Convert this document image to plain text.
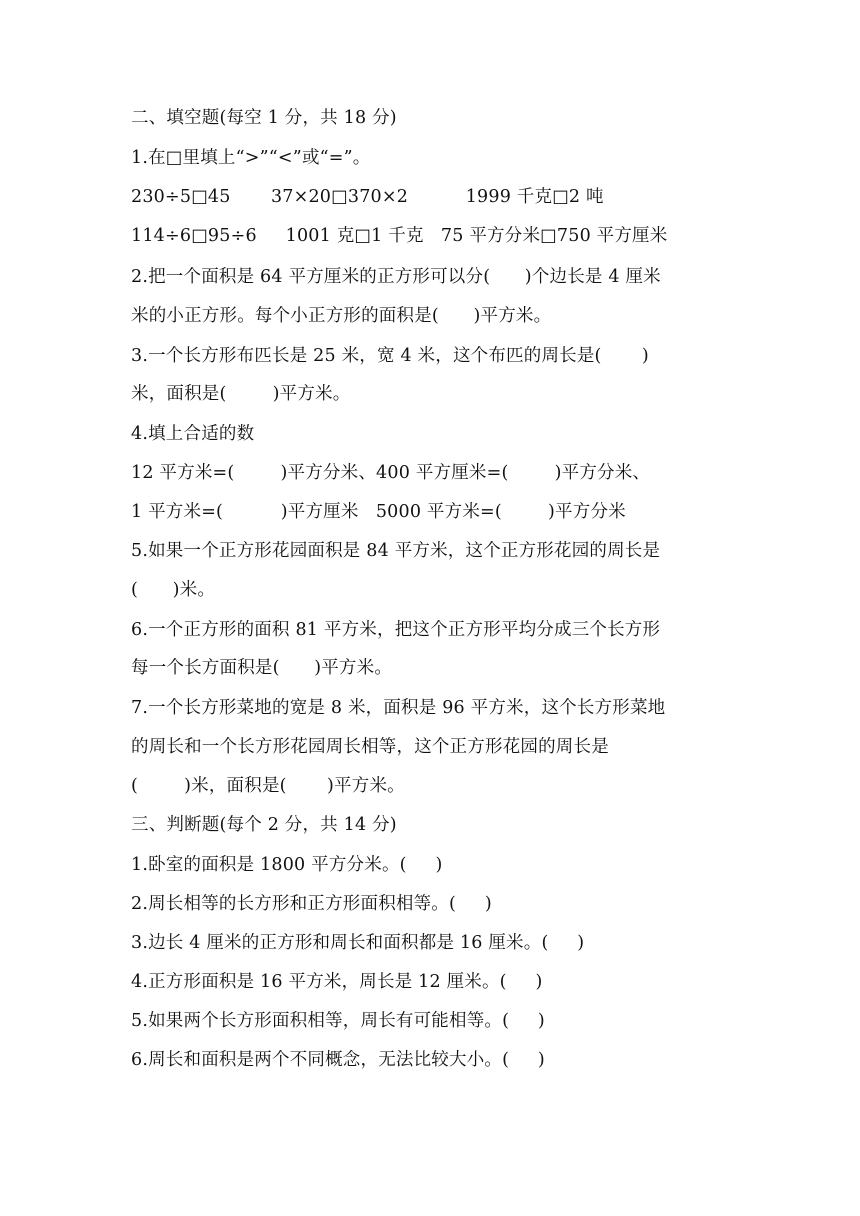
二、填空题(每空 1 分，共 18 分)
1.在□里填上“>”“<”或“=”。
230÷5□45       37×20□370×2          1999 千克□2 吨
114÷6□95÷6     1001 克□1 千克   75 平方分米□750 平方厘米
2.把一个面积是 64 平方厘米的正方形可以分(      )个边长是 4 厘米
米的小正方形。每个小正方形的面积是(      )平方米。
3.一个长方形布匹长是 25 米，宽 4 米，这个布匹的周长是(       )
米，面积是(        )平方米。
4.填上合适的数
12 平方米=(        )平方分米、400 平方厘米=(        )平方分米、
1 平方米=(          )平方厘米   5000 平方米=(        )平方分米
5.如果一个正方形花园面积是 84 平方米，这个正方形花园的周长是
(      )米。
6.一个正方形的面积 81 平方米，把这个正方形平均分成三个长方形
每一个长方面积是(      )平方米。
7.一个长方形菜地的宽是 8 米，面积是 96 平方米，这个长方形菜地
的周长和一个长方形花园周长相等，这个正方形花园的周长是
(        )米，面积是(       )平方米。
三、判断题(每个 2 分，共 14 分)
1.卧室的面积是 1800 平方分米。(     )
2.周长相等的长方形和正方形面积相等。(     )
3.边长 4 厘米的正方形和周长和面积都是 16 厘米。(     )
4.正方形面积是 16 平方米，周长是 12 厘米。(     )
5.如果两个长方形面积相等，周长有可能相等。(     )
6.周长和面积是两个不同概念，无法比较大小。(     )
